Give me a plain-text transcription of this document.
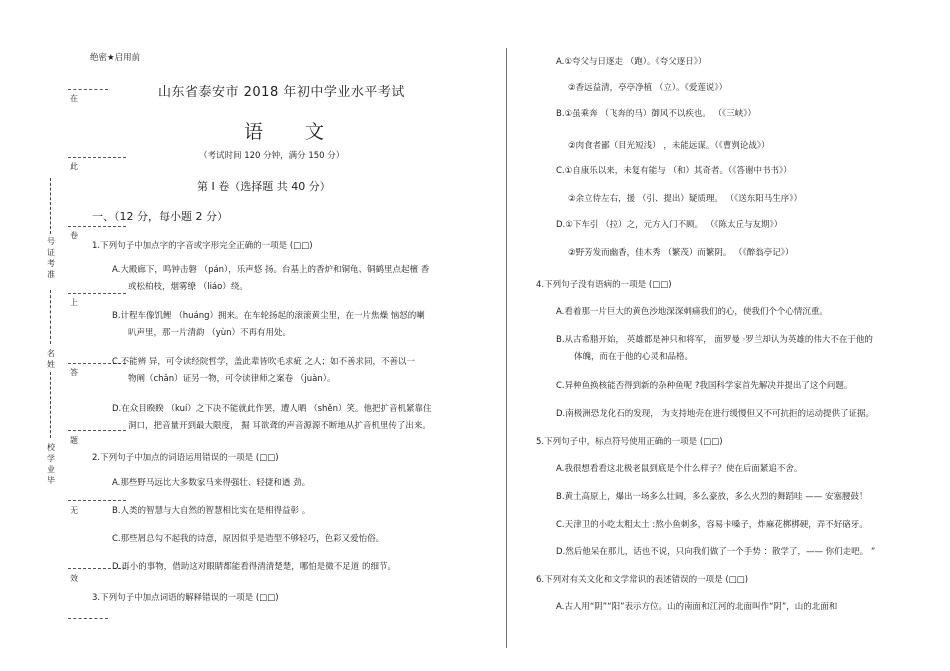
绝密★启用前
在
此
卷
上
答
题
无
效
号证考准
名姓
校学业毕
山东省泰安市 2018 年初中学业水平考试
语 文
（考试时间 120 分钟，满分 150 分）
第 Ⅰ 卷（选择题 共 40 分）
一、（12 分，每小题 2 分）
1.下列句子中加点字的字音或字形完全正确的一项是 (□□)
A.大殿廊下，鸣钟击磐 （pán），乐声悠 扬。台基上的香炉和铜龟、铜鹤里点起檀 香
或松柏枝，烟雾缭 （liáo）绕。
B.计程车像饥鲤 （huáng）拥来。在车轮扬起的滚滚黄尘里，在一片焦燥 恼怒的喇
叭声里，那一片清韵 （yùn）不再有用处。
C.不能辨 异，可令读经院哲学，盖此辈皆吹毛求疵 之人；如不善求同，不善以一
物阐（chǎn）证另一物，可令读律师之案卷 （juàn）。
D.在众目睽睽 （kuí）之下决不能就此作罢，遭人晒 （shěn）笑。他把扩音机紧靠住
洞口，把音量开到最大限度， 掘 耳欲聋的声音源源不断地从扩音机里传了出来。
2.下列句子中加点的词语运用错误的一项是 (□□)
A.那些野马远比大多数家马来得强壮、轻捷和遒 劲。
B.人类的智慧与大自然的智慧相比实在是相得益彰 。
C.那些屑总勾不起我的诗意，原因似乎是造型不够轻巧，色彩又爱怡俗。
D.再小的事物，借助这对眼睛都能看得清清楚楚，哪怕是微不足道 的细节。
3.下列句子中加点词语的解释错误的一项是 (□□)
A.①夸父与日逐走 （跑）。《夸父逐日》）
②香远益清，亭亭净植 （立）。《爱莲说》）
B.①虽乘奔 （飞奔的马）御风不以疾也。 （《三峡》）
②肉食者鄙（目光短浅） ，未能远谋。（《曹刿论战》）
C.①自康乐以来，未复有能与 （和）其奇者。（《答谢中书书》）
②余立侍左右，援 （引、提出）疑质理。 （《送东阳马生序》）
D.①下车引 （拉）之，元方入门不顾。 （《陈太丘与友期》）
②野芳发而幽香，佳木秀 （繁茂）而繁阴。 （《醉翁亭记》）
4.下列句子没有语病的一项是 (□□)
A.看着那一片巨大的黄色沙地深深刺痛我们的心，使我们个个心情沉重。
B.从古希腊开始， 英雄都是神只和将军， 面罗曼 ·罗兰却认为英雄的伟大不在于他的
体魄，而在于他的心灵和品格。
C.异种鱼换核能否得到新的杂种鱼呢 ?我国科学家首先解决并提出了这个问题。
D.南极洲恐龙化石的发现， 为支持地壳在进行缓慢但又不可抗拒的运动提供了证据。
5.下列句子中，标点符号使用正确的一项是 (□□)
A.我很想看看这北极老鼠到底是个什么样子？使在后面紧追不舍。
B.黄土高原上，爆出一场多么壮阔，多么豪放，多么火烈的舞蹈哇 —— 安塞腰鼓！
C.天津卫的小吃太粗太土 :熬小鱼刺多，容易卡嗓子，炸麻花梆梆硬，弄不好硌牙。
D.然后他呆在那儿，话也不说，只向我们做了一个手势 ：散学了，—— 你们走吧。 ”
6.下列对有关文化和文学常识的表述错误的一项是 (□□)
A.古人用“阴”“阳”表示方位。山的南面和江河的北面叫作“阴”，山的北面和
